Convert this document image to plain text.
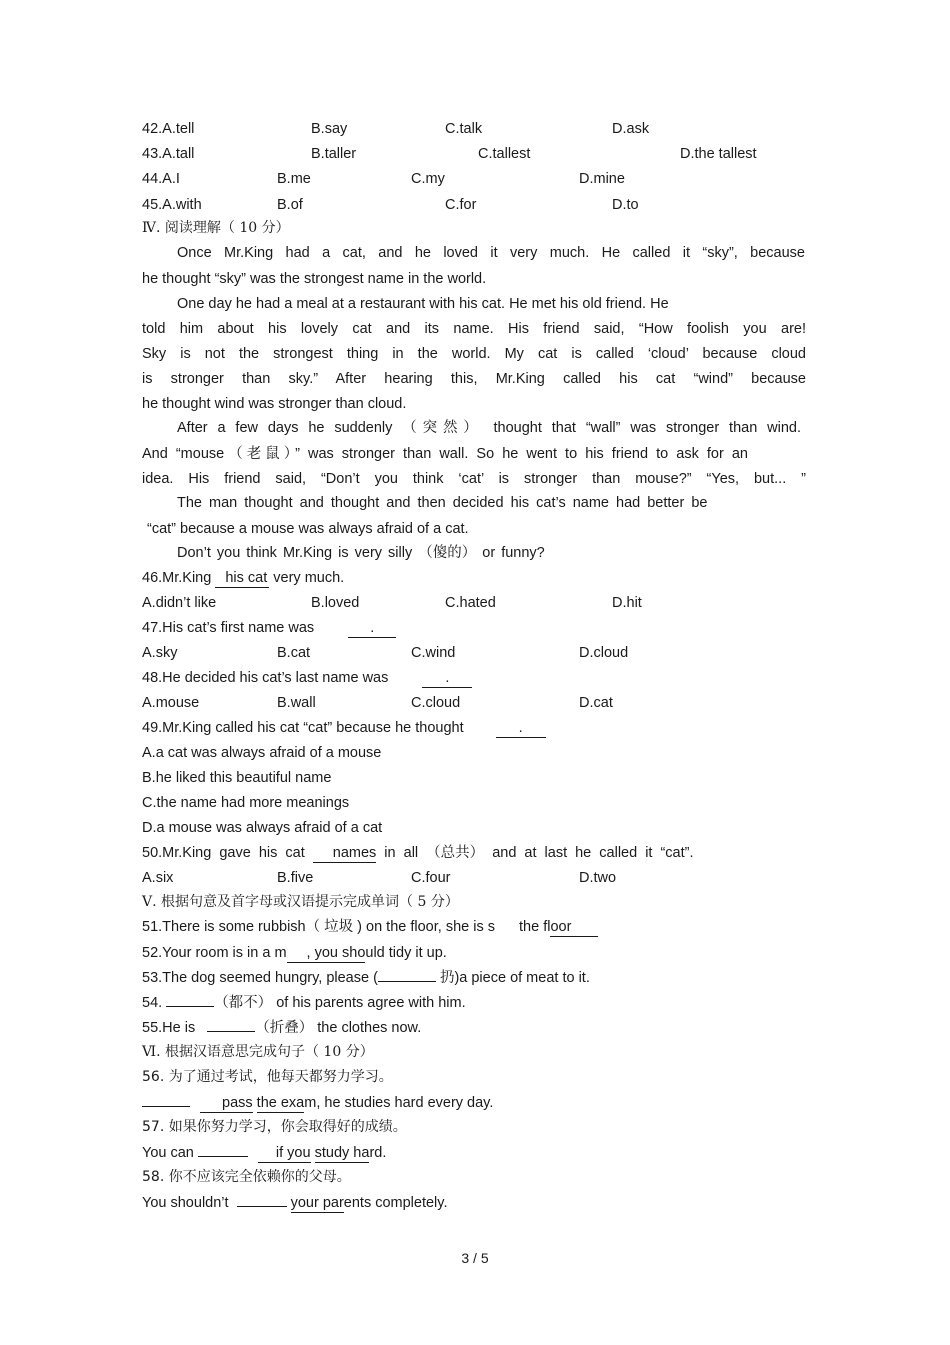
42.A.tell	B.say	C.talk	D.ask
43.A.tall	B.taller	C.tallest	D.the tallest
44.A.I	B.me	C.my	D.mine
45.A.with	B.of	C.for	D.to
Ⅳ. 阅读理解（ 10 分）
Once Mr.King had a cat, and he loved it very much. He called it “sky”, because
he thought “sky” was the strongest name in the world.
One day he had a meal at a restaurant with his cat. He met his old friend. He
told him about his lovely cat and its name. His friend said, “How foolish you are!
Sky is not the strongest thing in the world. My cat is called ‘cloud’ because cloud
is stronger than sky.” After hearing this, Mr.King called his cat “wind” because
he thought wind was stronger than cloud.
After a few days he suddenly （突然） thought that “wall” was stronger than wind.
And “mouse（老鼠）” was stronger than wall. So he went to his friend to ask for an
idea. His friend said, “Don’t you think ‘cat’ is stronger than mouse?” “Yes, but... ”
The man thought and thought and then decided his cat’s name had better be
“cat” because a mouse was always afraid of a cat.
Don’t you think Mr.King is very silly （傻的） or funny?
46.Mr.King his cat very much.
A.didn’t like	B.loved	C.hated	D.hit
47.His cat’s first name was	.
A.sky	B.cat	C.wind	D.cloud
48.He decided his cat’s last name was	.
A.mouse	B.wall	C.cloud	D.cat
49.Mr.King called his cat “cat” because he thought	.
A.a cat was always afraid of a mouse
B.he liked this beautiful name
C.the name had more meanings
D.a mouse was always afraid of a cat
50.Mr.King gave his cat names in all （总共） and at last he called it “cat”.
A.six	B.five	C.four	D.two
Ⅴ. 根据句意及首字母或汉语提示完成单词（ 5 分）
51.There is some rubbish（ 垃圾 ) on the floor, she is s the floor
52.Your room is in a m , you should tidy it up.
53.The dog seemed hungry, please (	扔)a piece of meat to it.
54.	（都不） of his parents agree with him.
55.He is	（折叠） the clothes now.
Ⅵ. 根据汉语意思完成句子（ 10 分）
56. 为了通过考试，他每天都努力学习。
pass the exam, he studies hard every day.
57. 如果你努力学习，你会取得好的成绩。
You can	if you study hard.
58. 你不应该完全依赖你的父母。
You shouldn’t	your parents completely.
3 / 5
